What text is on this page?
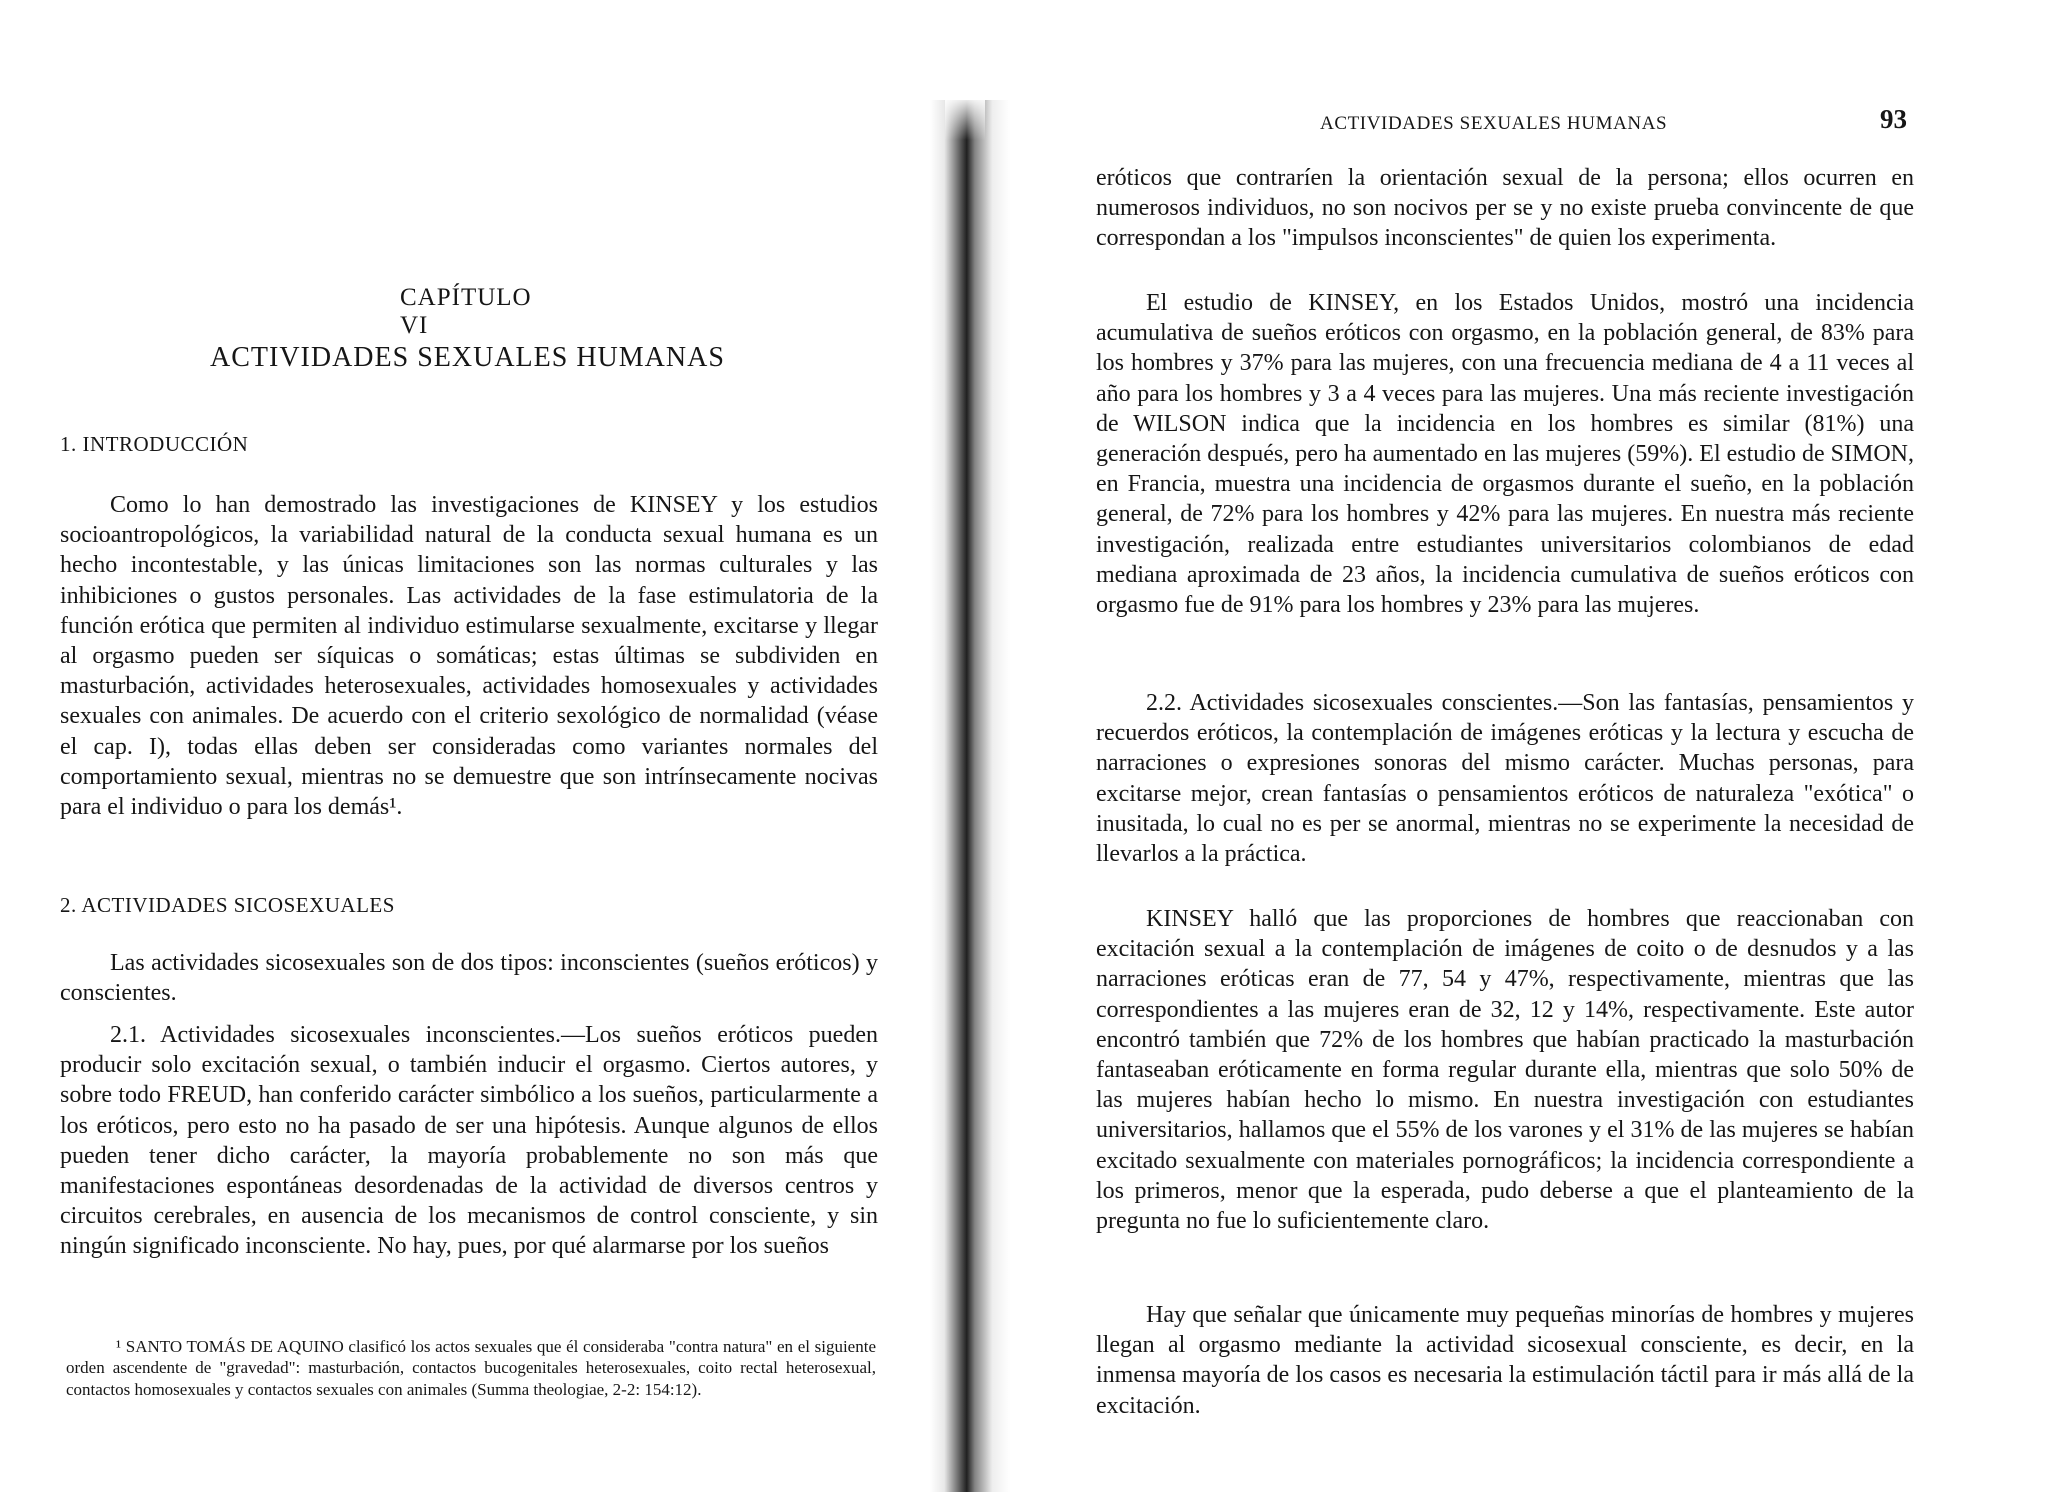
CAPÍTULO VI
ACTIVIDADES SEXUALES HUMANAS
1. INTRODUCCIÓN

Como lo han demostrado las investigaciones de KINSEY y los estudios socioantropológicos, la variabilidad natural de la conducta sexual humana es un hecho incontestable, y las únicas limitaciones son las normas culturales y las inhibiciones o gustos personales. Las actividades de la fase estimulatoria de la función erótica que permiten al individuo estimularse sexualmente, excitarse y llegar al orgasmo pueden ser síquicas o somáticas; estas últimas se subdividen en masturbación, actividades heterosexuales, actividades homosexuales y actividades sexuales con animales. De acuerdo con el criterio sexológico de normalidad (véase el cap. I), todas ellas deben ser consideradas como variantes normales del comportamiento sexual, mientras no se demuestre que son intrínsecamente nocivas para el individuo o para los demás¹.

2. ACTIVIDADES SICOSEXUALES

Las actividades sicosexuales son de dos tipos: inconscientes (sueños eróticos) y conscientes.

2.1. Actividades sicosexuales inconscientes.—Los sueños eróticos pueden producir solo excitación sexual, o también inducir el orgasmo. Ciertos autores, y sobre todo FREUD, han conferido carácter simbólico a los sueños, particularmente a los eróticos, pero esto no ha pasado de ser una hipótesis. Aunque algunos de ellos pueden tener dicho carácter, la mayoría probablemente no son más que manifestaciones espontáneas desordenadas de la actividad de diversos centros y circuitos cerebrales, en ausencia de los mecanismos de control consciente, y sin ningún significado inconsciente. No hay, pues, por qué alarmarse por los sueños

¹ SANTO TOMÁS DE AQUINO clasificó los actos sexuales que él consideraba "contra natura" en el siguiente orden ascendente de "gravedad": masturbación, contactos bucogenitales heterosexuales, coito rectal heterosexual, contactos homosexuales y contactos sexuales con animales (Summa theologiae, 2-2: 154:12).

ACTIVIDADES SEXUALES HUMANAS	93

eróticos que contraríen la orientación sexual de la persona; ellos ocurren en numerosos individuos, no son nocivos per se y no existe prueba convincente de que correspondan a los "impulsos inconscientes" de quien los experimenta.

El estudio de KINSEY, en los Estados Unidos, mostró una incidencia acumulativa de sueños eróticos con orgasmo, en la población general, de 83% para los hombres y 37% para las mujeres, con una frecuencia mediana de 4 a 11 veces al año para los hombres y 3 a 4 veces para las mujeres. Una más reciente investigación de WILSON indica que la incidencia en los hombres es similar (81%) una generación después, pero ha aumentado en las mujeres (59%). El estudio de SIMON, en Francia, muestra una incidencia de orgasmos durante el sueño, en la población general, de 72% para los hombres y 42% para las mujeres. En nuestra más reciente investigación, realizada entre estudiantes universitarios colombianos de edad mediana aproximada de 23 años, la incidencia cumulativa de sueños eróticos con orgasmo fue de 91% para los hombres y 23% para las mujeres.

2.2. Actividades sicosexuales conscientes.—Son las fantasías, pensamientos y recuerdos eróticos, la contemplación de imágenes eróticas y la lectura y escucha de narraciones o expresiones sonoras del mismo carácter. Muchas personas, para excitarse mejor, crean fantasías o pensamientos eróticos de naturaleza "exótica" o inusitada, lo cual no es per se anormal, mientras no se experimente la necesidad de llevarlos a la práctica.

KINSEY halló que las proporciones de hombres que reaccionaban con excitación sexual a la contemplación de imágenes de coito o de desnudos y a las narraciones eróticas eran de 77, 54 y 47%, respectivamente, mientras que las correspondientes a las mujeres eran de 32, 12 y 14%, respectivamente. Este autor encontró también que 72% de los hombres que habían practicado la masturbación fantaseaban eróticamente en forma regular durante ella, mientras que solo 50% de las mujeres habían hecho lo mismo. En nuestra investigación con estudiantes universitarios, hallamos que el 55% de los varones y el 31% de las mujeres se habían excitado sexualmente con materiales pornográficos; la incidencia correspondiente a los primeros, menor que la esperada, pudo deberse a que el planteamiento de la pregunta no fue lo suficientemente claro.

Hay que señalar que únicamente muy pequeñas minorías de hombres y mujeres llegan al orgasmo mediante la actividad sicosexual consciente, es decir, en la inmensa mayoría de los casos es necesaria la estimulación táctil para ir más allá de la excitación.
